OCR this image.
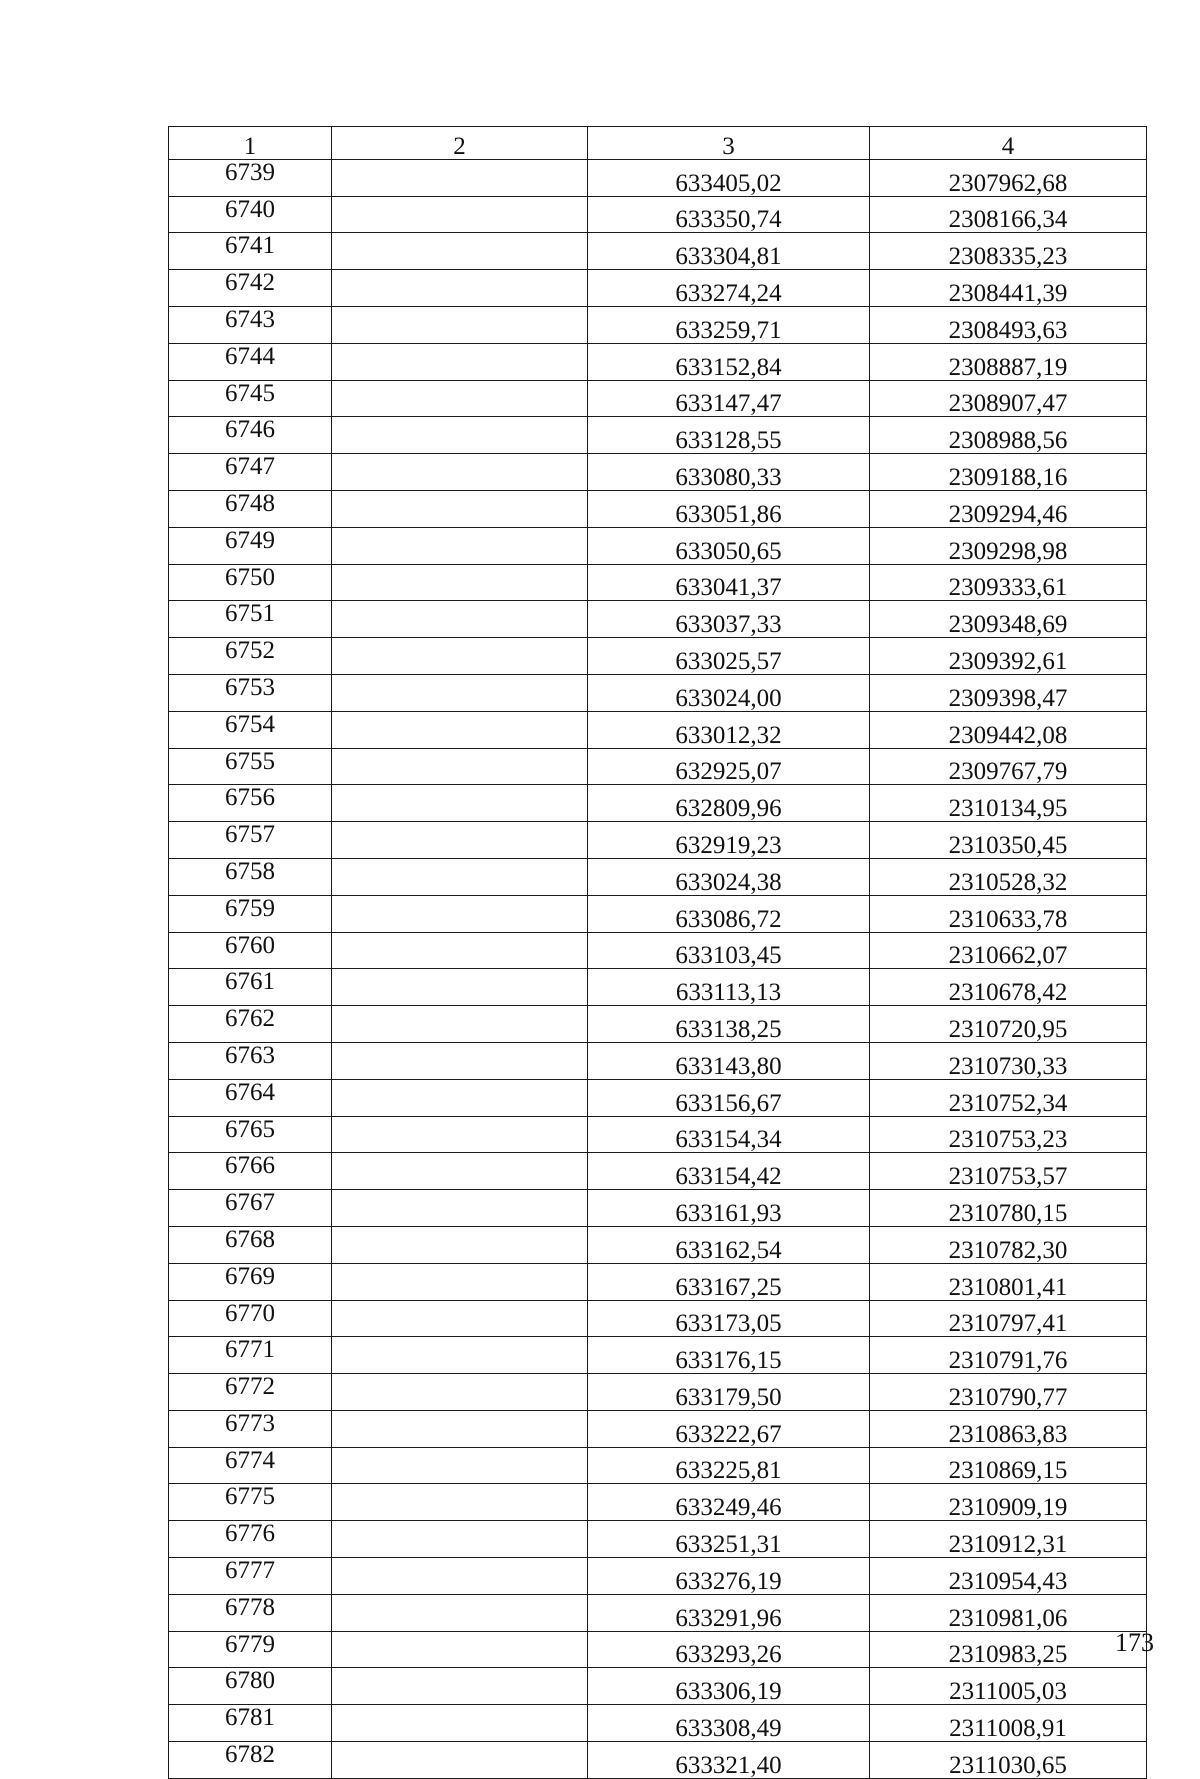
1	2	3	4
6739		633405,02	2307962,68
6740		633350,74	2308166,34
6741		633304,81	2308335,23
6742		633274,24	2308441,39
6743		633259,71	2308493,63
6744		633152,84	2308887,19
6745		633147,47	2308907,47
6746		633128,55	2308988,56
6747		633080,33	2309188,16
6748		633051,86	2309294,46
6749		633050,65	2309298,98
6750		633041,37	2309333,61
6751		633037,33	2309348,69
6752		633025,57	2309392,61
6753		633024,00	2309398,47
6754		633012,32	2309442,08
6755		632925,07	2309767,79
6756		632809,96	2310134,95
6757		632919,23	2310350,45
6758		633024,38	2310528,32
6759		633086,72	2310633,78
6760		633103,45	2310662,07
6761		633113,13	2310678,42
6762		633138,25	2310720,95
6763		633143,80	2310730,33
6764		633156,67	2310752,34
6765		633154,34	2310753,23
6766		633154,42	2310753,57
6767		633161,93	2310780,15
6768		633162,54	2310782,30
6769		633167,25	2310801,41
6770		633173,05	2310797,41
6771		633176,15	2310791,76
6772		633179,50	2310790,77
6773		633222,67	2310863,83
6774		633225,81	2310869,15
6775		633249,46	2310909,19
6776		633251,31	2310912,31
6777		633276,19	2310954,43
6778		633291,96	2310981,06
6779		633293,26	2310983,25
6780		633306,19	2311005,03
6781		633308,49	2311008,91
6782		633321,40	2311030,65
173
